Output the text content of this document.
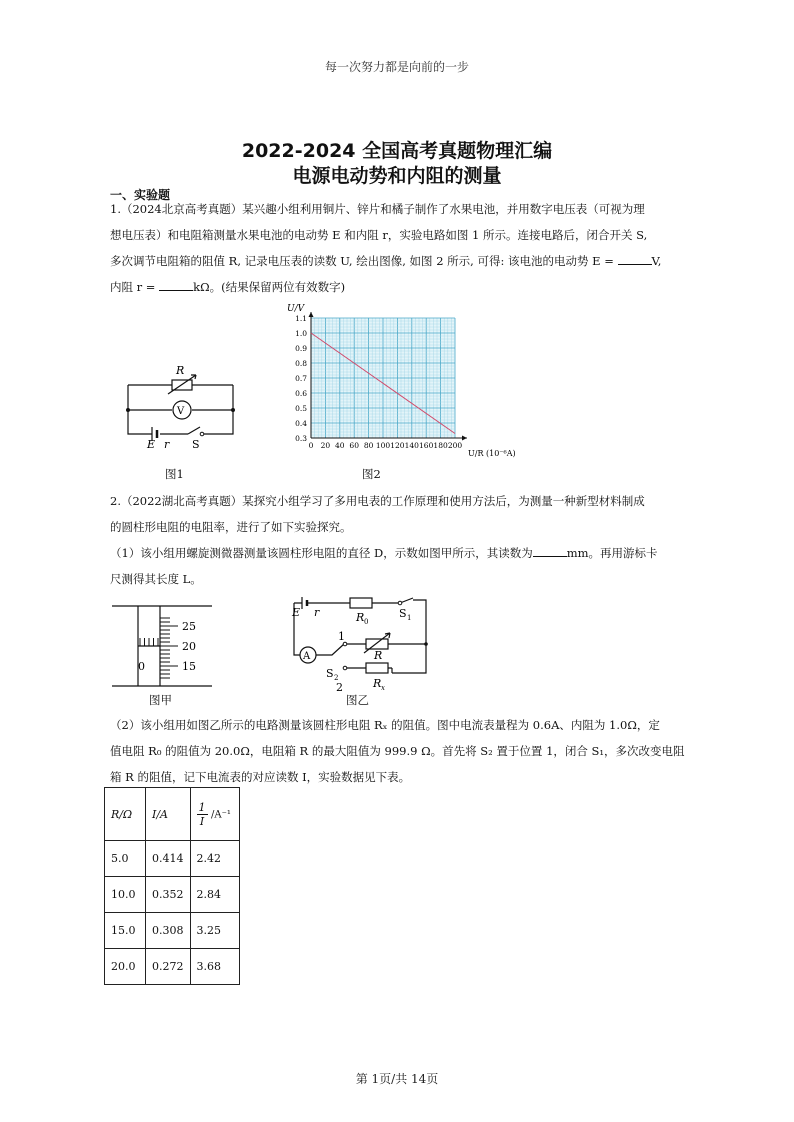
每一次努力都是向前的一步
2022-2024 全国高考真题物理汇编
电源电动势和内阻的测量
一、实验题
1.（2024北京高考真题）某兴趣小组利用铜片、锌片和橘子制作了水果电池，并用数字电压表（可视为理
想电压表）和电阻箱测量水果电池的电动势 E 和内阻 r，实验电路如图 1 所示。连接电路后，闭合开关 S,
多次调节电阻箱的阻值 R, 记录电压表的读数 U, 绘出图像, 如图 2 所示, 可得: 该电池的电动势 E =	V,
内阻 r =	kΩ。(结果保留两位有效数字)
R
V
E r S
图1
U/V
U/R (10⁻⁶A)
0 20 40 60 80 100 120 140 160 180 200
0.3
0.4
0.5
0.6
0.7
0.8
0.9
1.0
1.1
图2
2.（2022湖北高考真题）某探究小组学习了多用电表的工作原理和使用方法后，为测量一种新型材料制成
的圆柱形电阻的电阻率，进行了如下实验探究。
（1）该小组用螺旋测微器测量该圆柱形电阻的直径 D，示数如图甲所示，其读数为	mm。再用游标卡
尺测得其长度 L。
25
20
15
0
图甲
E r	R 0
S 1
1
R
A
S 2
2	R x
图乙
（2）该小组用如图乙所示的电路测量该圆柱形电阻 Rₓ 的阻值。图中电流表量程为 0.6A、内阻为 1.0Ω，定
值电阻 R₀ 的阻值为 20.0Ω，电阻箱 R 的最大阻值为 999.9 Ω。首先将 S₂ 置于位置 1，闭合 S₁，多次改变电阻
箱 R 的阻值，记下电流表的对应读数 I，实验数据见下表。
R/Ω	I/A	$\frac{1}{I} /A^{-1}$
5.0	0.414	2.42
10.0	0.352	2.84
15.0	0.308	3.25
20.0	0.272	3.68
第 1页/共 14页
